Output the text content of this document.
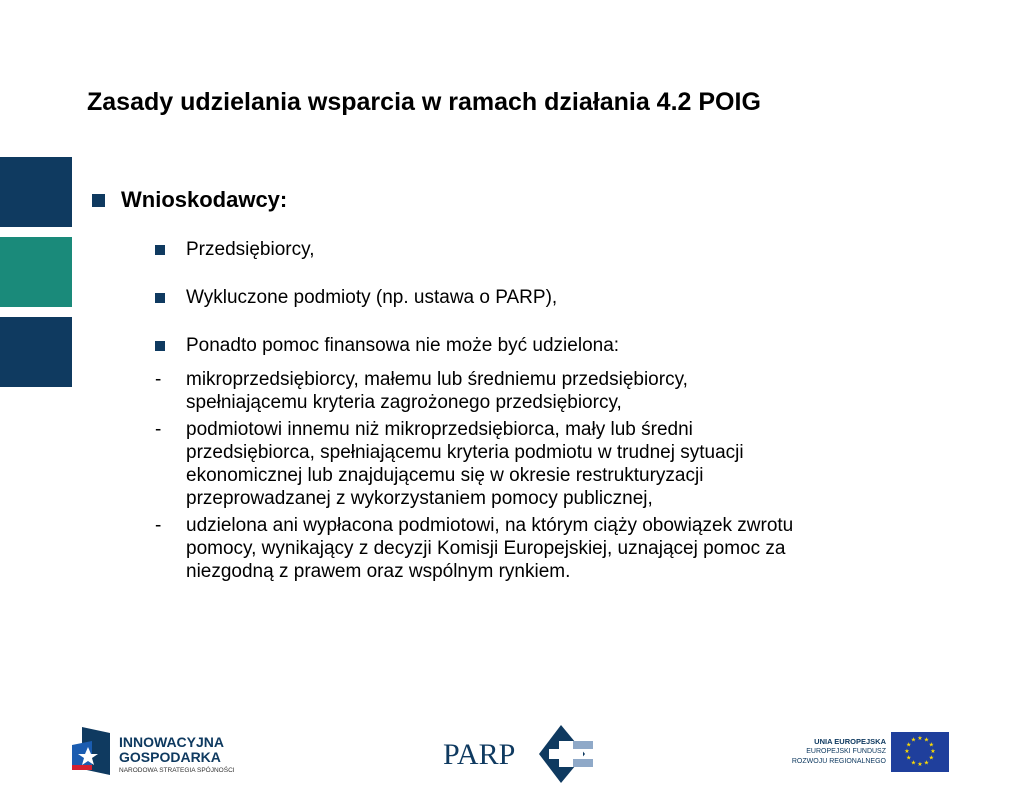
Zasady udzielania wsparcia w ramach działania 4.2 POIG
Wnioskodawcy:
Przedsiębiorcy,
Wykluczone podmioty (np. ustawa o PARP),
Ponadto pomoc finansowa nie może być udzielona:
-	mikroprzedsiębiorcy, małemu lub średniemu przedsiębiorcy,
spełniającemu kryteria zagrożonego przedsiębiorcy,
-	podmiotowi innemu niż mikroprzedsiębiorca, mały lub średni
przedsiębiorca, spełniającemu kryteria podmiotu w trudnej sytuacji
ekonomicznej lub znajdującemu się w okresie restrukturyzacji
przeprowadzanej z wykorzystaniem pomocy publicznej,
-	udzielona ani wypłacona podmiotowi, na którym ciąży obowiązek zwrotu
pomocy, wynikający z decyzji Komisji Europejskiej, uznającej pomoc za
niezgodną z prawem oraz wspólnym rynkiem.
INNOWACYJNA
GOSPODARKA
NARODOWA STRATEGIA SPÓJNOŚCI	PARP	UNIA EUROPEJSKA
EUROPEJSKI FUNDUSZ
ROZWOJU REGIONALNEGO
★ ★
★
★
★
★
★
★
★
★
★
★
